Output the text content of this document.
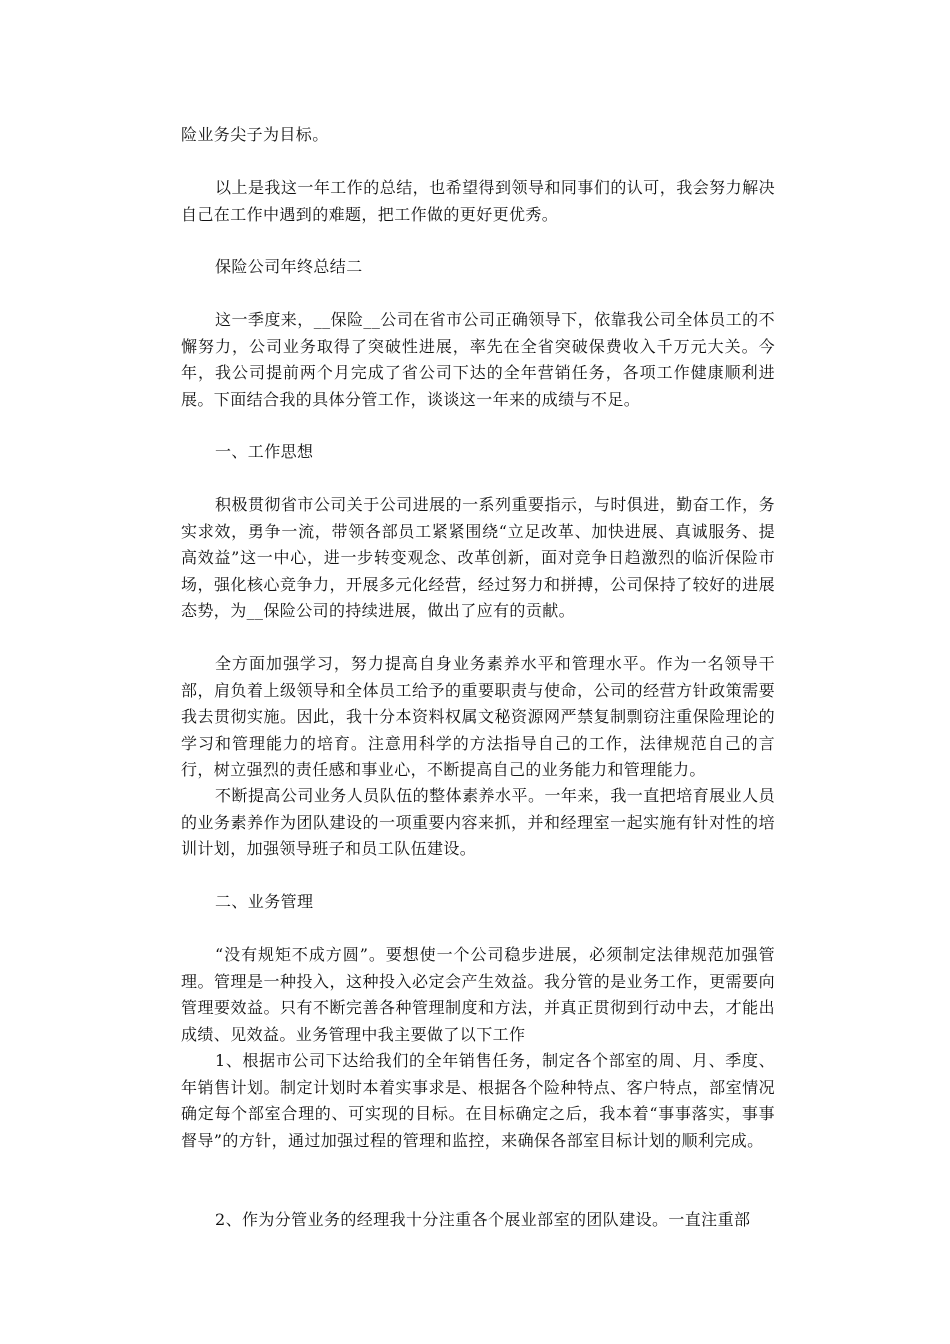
险业务尖子为目标。

以上是我这一年工作的总结，也希望得到领导和同事们的认可，我会努力解决自己在工作中遇到的难题，把工作做的更好更优秀。

保险公司年终总结二

这一季度来，__保险__公司在省市公司正确领导下，依靠我公司全体员工的不懈努力，公司业务取得了突破性进展，率先在全省突破保费收入千万元大关。今年，我公司提前两个月完成了省公司下达的全年营销任务，各项工作健康顺利进展。下面结合我的具体分管工作，谈谈这一年来的成绩与不足。

一、工作思想

积极贯彻省市公司关于公司进展的一系列重要指示，与时俱进，勤奋工作，务实求效，勇争一流，带领各部员工紧紧围绕“立足改革、加快进展、真诚服务、提高效益”这一中心，进一步转变观念、改革创新，面对竞争日趋激烈的临沂保险市场，强化核心竞争力，开展多元化经营，经过努力和拼搏，公司保持了较好的进展态势，为__保险公司的持续进展，做出了应有的贡献。

全方面加强学习，努力提高自身业务素养水平和管理水平。作为一名领导干部，肩负着上级领导和全体员工给予的重要职责与使命，公司的经营方针政策需要我去贯彻实施。因此，我十分本资料权属文秘资源网严禁复制剽窃注重保险理论的学习和管理能力的培育。注意用科学的方法指导自己的工作，法律规范自己的言行，树立强烈的责任感和事业心，不断提高自己的业务能力和管理能力。

不断提高公司业务人员队伍的整体素养水平。一年来，我一直把培育展业人员的业务素养作为团队建设的一项重要内容来抓，并和经理室一起实施有针对性的培训计划，加强领导班子和员工队伍建设。

二、业务管理

“没有规矩不成方圆”。要想使一个公司稳步进展，必须制定法律规范加强管理。管理是一种投入，这种投入必定会产生效益。我分管的是业务工作，更需要向管理要效益。只有不断完善各种管理制度和方法，并真正贯彻到行动中去，才能出成绩、见效益。业务管理中我主要做了以下工作

1、根据市公司下达给我们的全年销售任务，制定各个部室的周、月、季度、年销售计划。制定计划时本着实事求是、根据各个险种特点、客户特点，部室情况确定每个部室合理的、可实现的目标。在目标确定之后，我本着“事事落实，事事督导”的方针，通过加强过程的管理和监控，来确保各部室目标计划的顺利完成。

2、作为分管业务的经理我十分注重各个展业部室的团队建设。一直注重部
